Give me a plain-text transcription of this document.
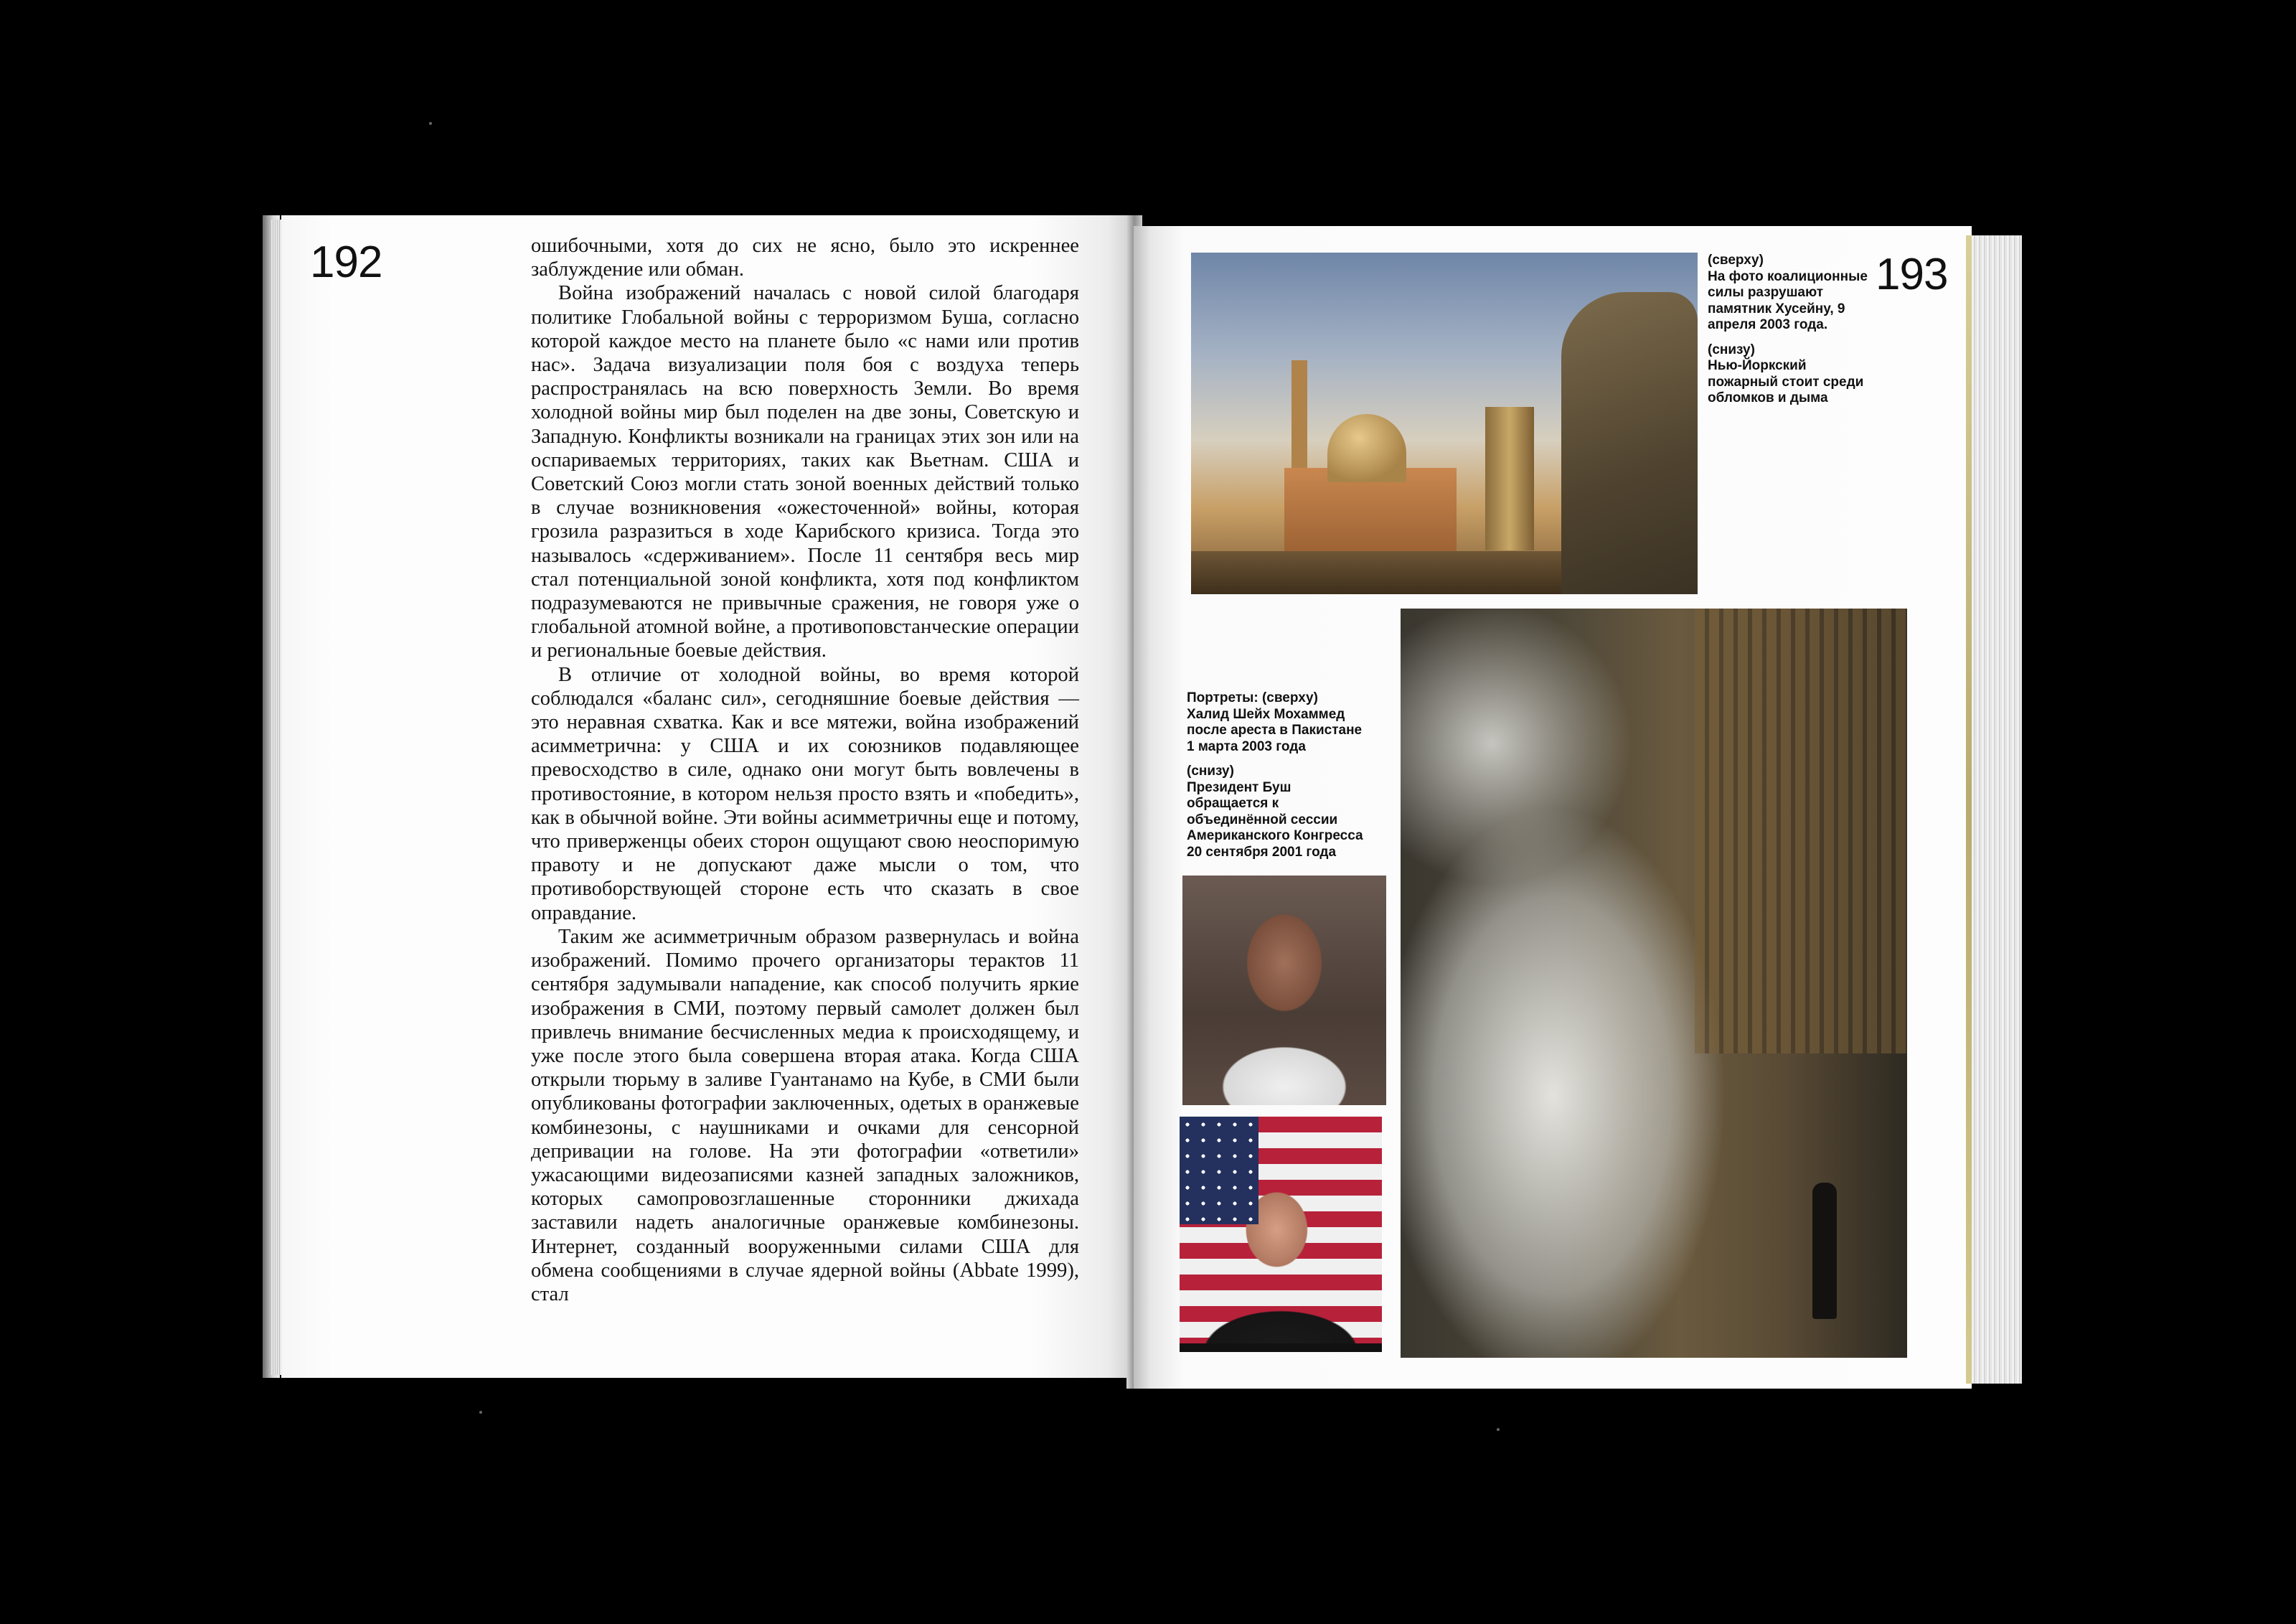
192	ошибочными, хотя до сих не ясно, было это искреннее заблуждение или обман.

Война изображений началась с новой силой благодаря политике Глобальной войны с терроризмом Буша, согласно которой каждое место на планете было «с нами или против нас». Задача визуализации поля боя с воздуха теперь распространялась на всю поверхность Земли. Во время холодной войны мир был поделен на две зоны, Советскую и Западную. Конфликты возникали на границах этих зон или на оспариваемых территориях, таких как Вьетнам. США и Советский Союз могли стать зоной военных действий только в случае возникновения «ожесточенной» войны, которая грозила разразиться в ходе Карибского кризиса. Тогда это называлось «сдерживанием». После 11 сентября весь мир стал потенциальной зоной конфликта, хотя под конфликтом подразумеваются не привычные сражения, не говоря уже о глобальной атомной войне, а противоповстанческие операции и региональные боевые действия.

В отличие от холодной войны, во время которой соблюдался «баланс сил», сегодняшние боевые действия — это неравная схватка. Как и все мятежи, война изображений асимметрична: у США и их союзников подавляющее превосходство в силе, однако они могут быть вовлечены в противостояние, в котором нельзя просто взять и «победить», как в обычной войне. Эти войны асимметричны еще и потому, что приверженцы обеих сторон ощущают свою неоспоримую правоту и не допускают даже мысли о том, что противоборствующей стороне есть что сказать в свое оправдание.

Таким же асимметричным образом развернулась и война изображений. Помимо прочего организаторы терактов 11 сентября задумывали нападение, как способ получить яркие изображения в СМИ, поэтому первый самолет должен был привлечь внимание бесчисленных медиа к происходящему, и уже после этого была совершена вторая атака. Когда США открыли тюрьму в заливе Гуантанамо на Кубе, в СМИ были опубликованы фотографии заключенных, одетых в оранжевые комбинезоны, с наушниками и очками для сенсорной депривации на голове. На эти фотографии «ответили» ужасающими видеозаписями казней западных заложников, которых самопровозглашенные сторонники джихада заставили надеть аналогичные оранжевые комбинезоны. Интернет, созданный вооруженными силами США для обмена сообщениями в случае ядерной войны (Abbate 1999), стал

193
(сверху)
На фото коалиционные силы разрушают памятник Хусейну, 9 апреля 2003 года.
(снизу)
Нью-Йоркский пожарный стоит среди обломков и дыма
Портреты: (сверху)
Халид Шейх Мохаммед после ареста в Пакистане 1 марта 2003 года
(снизу)
Президент Буш обращается к объединённой сессии Американского Конгресса 20 сентября 2001 года
